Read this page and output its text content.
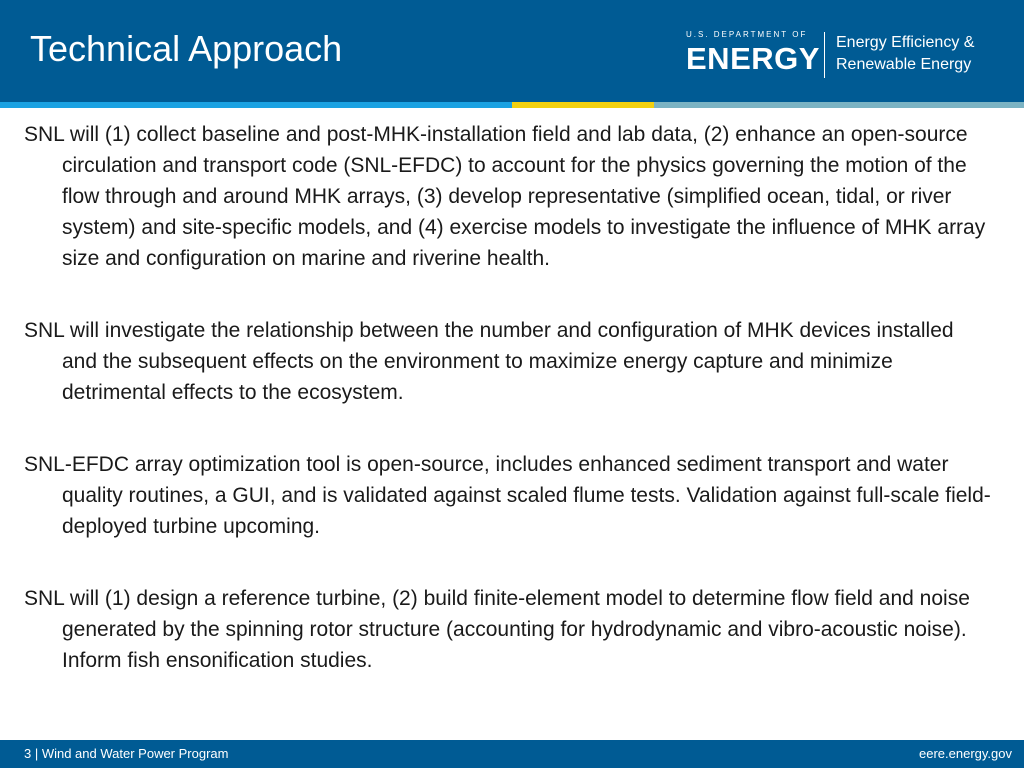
Technical Approach	U.S. DEPARTMENT OF
ENERGY Energy Efficiency &
Renewable Energy

SNL will (1) collect baseline and post-MHK-installation field and lab data, (2) enhance an open-source circulation and transport code (SNL-EFDC) to account for the physics governing the motion of the flow through and around MHK arrays, (3) develop representative (simplified ocean, tidal, or river system) and site-specific models, and (4) exercise models to investigate the influence of MHK array size and configuration on marine and riverine health.

SNL will investigate the relationship between the number and configuration of MHK devices installed and the subsequent effects on the environment to maximize energy capture and minimize detrimental effects to the ecosystem.

SNL-EFDC array optimization tool is open-source, includes enhanced sediment transport and water quality routines, a GUI, and is validated against scaled flume tests. Validation against full-scale field-deployed turbine upcoming.

SNL will (1) design a reference turbine, (2) build finite-element model to determine flow field and noise generated by the spinning rotor structure (accounting for hydrodynamic and vibro-acoustic noise). Inform fish ensonification studies.

3 | Wind and Water Power Program	eere.energy.gov
